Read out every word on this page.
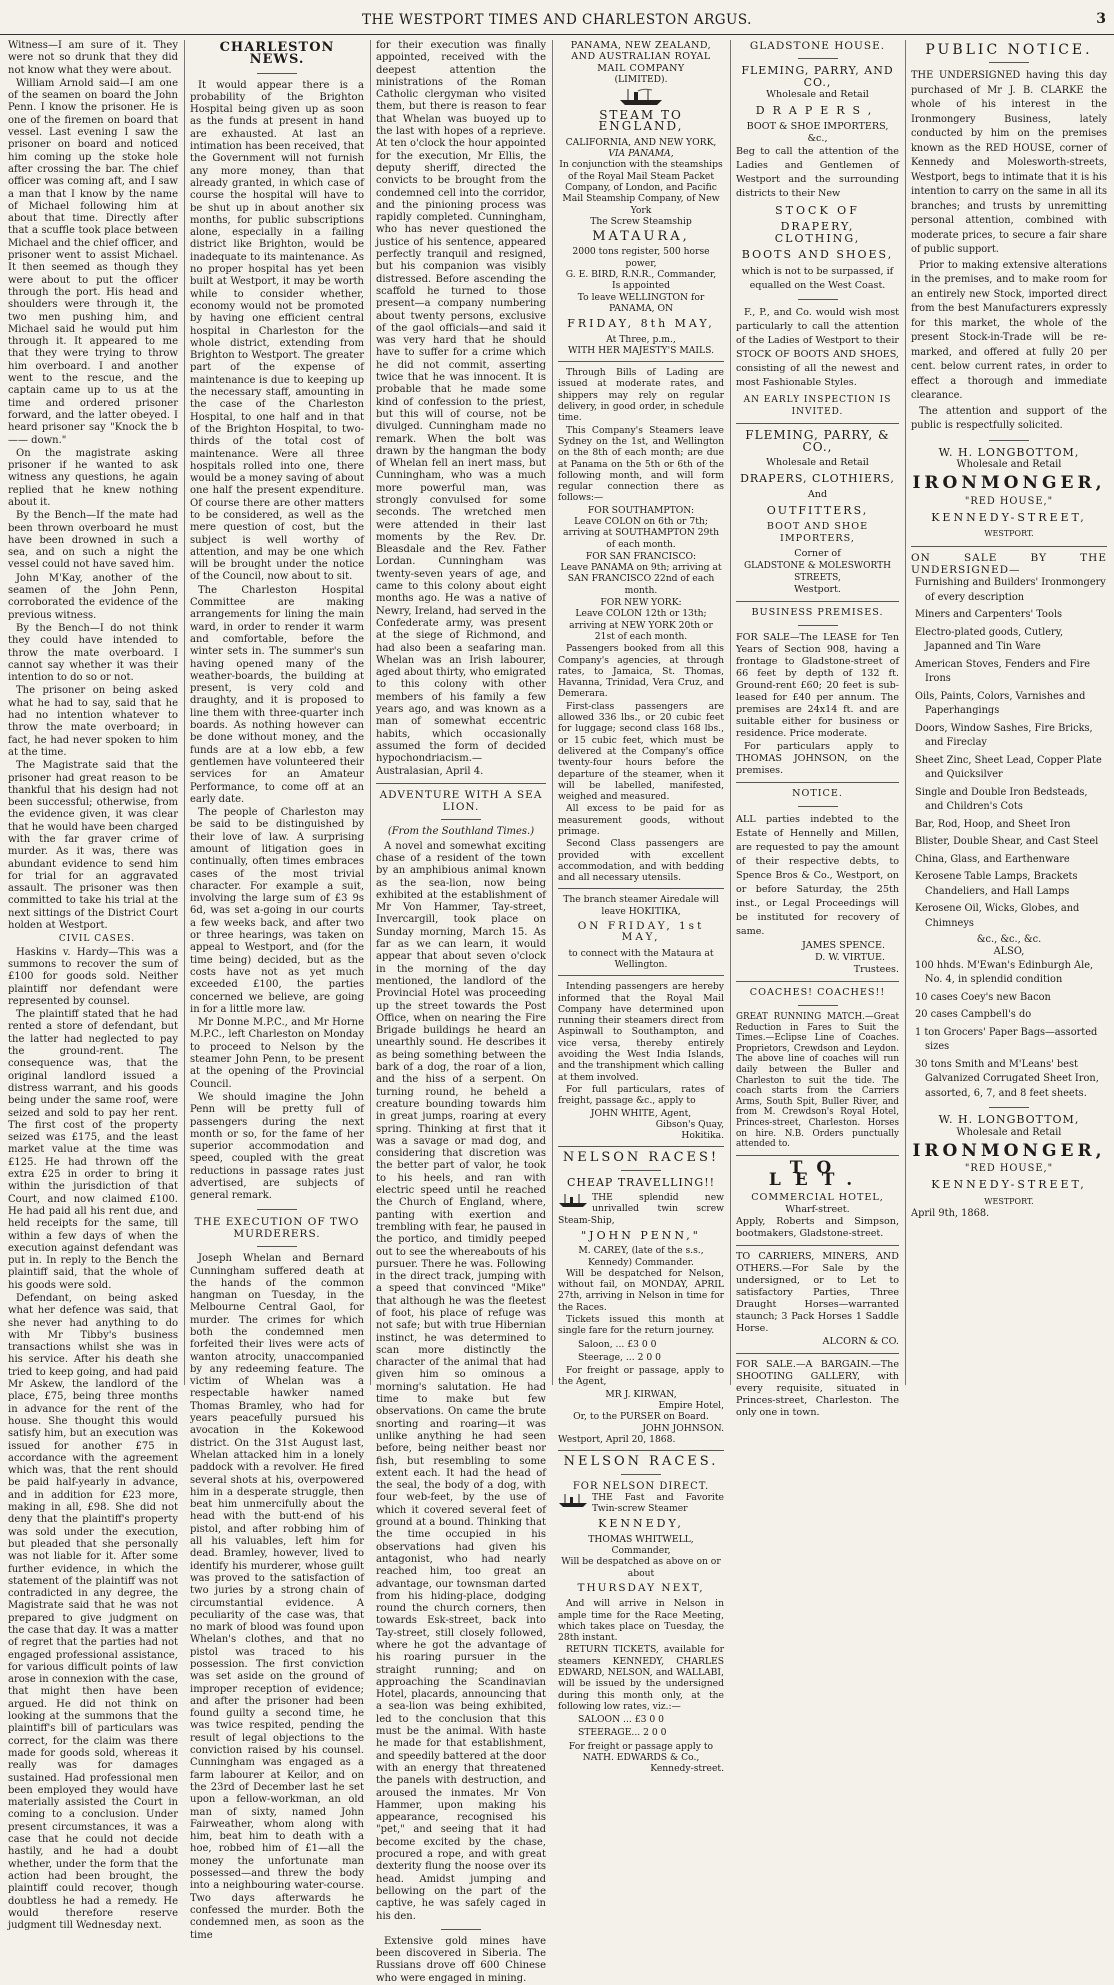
THE WESTPORT TIMES AND CHARLESTON ARGUS.	3

Witness—I am sure of it. They were not so drunk that they did not know what they were about.

William Arnold said—I am one of the seamen on board the John Penn. I know the prisoner. He is one of the firemen on board that vessel. Last evening I saw the prisoner on board and noticed him coming up the stoke hole after crossing the bar. The chief officer was coming aft, and I saw a man that I know by the name of Michael following him at about that time. Directly after that a scuffle took place between Michael and the chief officer, and prisoner went to assist Michael. It then seemed as though they were about to put the officer through the port. His head and shoulders were through it, the two men pushing him, and Michael said he would put him through it. It appeared to me that they were trying to throw him overboard. I and another went to the rescue, and the captain came up to us at the time and ordered prisoner forward, and the latter obeyed. I heard prisoner say "Knock the b—— down."

On the magistrate asking prisoner if he wanted to ask witness any questions, he again replied that he knew nothing about it.

By the Bench—If the mate had been thrown overboard he must have been drowned in such a sea, and on such a night the vessel could not have saved him.

John M'Kay, another of the seamen of the John Penn, corroborated the evidence of the previous witness.

By the Bench—I do not think they could have intended to throw the mate overboard. I cannot say whether it was their intention to do so or not.

The prisoner on being asked what he had to say, said that he had no intention whatever to throw the mate overboard; in fact, he had never spoken to him at the time.

The Magistrate said that the prisoner had great reason to be thankful that his design had not been successful; otherwise, from the evidence given, it was clear that he would have been charged with the far graver crime of murder. As it was, there was abundant evidence to send him for trial for an aggravated assault. The prisoner was then committed to take his trial at the next sittings of the District Court holden at Westport.

CIVIL CASES.

Haskins v. Hardy—This was a summons to recover the sum of £100 for goods sold. Neither plaintiff nor defendant were represented by counsel.

The plaintiff stated that he had rented a store of defendant, but the latter had neglected to pay the ground-rent. The consequence was, that the original landlord issued a distress warrant, and his goods being under the same roof, were seized and sold to pay her rent. The first cost of the property seized was £175, and the least market value at the time was £125. He had thrown off the extra £25 in order to bring it within the jurisdiction of that Court, and now claimed £100. He had paid all his rent due, and held receipts for the same, till within a few days of when the execution against defendant was put in. In reply to the Bench the plaintiff said, that the whole of his goods were sold.

Defendant, on being asked what her defence was said, that she never had anything to do with Mr Tibby's business transactions whilst she was in his service. After his death she tried to keep going, and had paid Mr Askew, the landlord of the place, £75, being three months in advance for the rent of the house. She thought this would satisfy him, but an execution was issued for another £75 in accordance with the agreement which was, that the rent should be paid half-yearly in advance, and in addition for £23 more, making in all, £98. She did not deny that the plaintiff's property was sold under the execution, but pleaded that she personally was not liable for it. After some further evidence, in which the statement of the plaintiff was not contradicted in any degree, the Magistrate said that he was not prepared to give judgment on the case that day. It was a matter of regret that the parties had not engaged professional assistance, for various difficult points of law arose in connexion with the case, that might then have been argued. He did not think on looking at the summons that the plaintiff's bill of particulars was correct, for the claim was there made for goods sold, whereas it really was for damages sustained. Had professional men been employed they would have materially assisted the Court in coming to a conclusion. Under present circumstances, it was a case that he could not decide hastily, and he had a doubt whether, under the form that the action had been brought, the plaintiff could recover, though doubtless he had a remedy. He would therefore reserve judgment till Wednesday next.

CHARLESTON NEWS.

It would appear there is a probability of the Brighton Hospital being given up as soon as the funds at present in hand are exhausted. At last an intimation has been received, that the Government will not furnish any more money, than that already granted, in which case of course the hospital will have to be shut up in about another six months, for public subscriptions alone, especially in a failing district like Brighton, would be inadequate to its maintenance. As no proper hospital has yet been built at Westport, it may be worth while to consider whether, economy would not be promoted by having one efficient central hospital in Charleston for the whole district, extending from Brighton to Westport. The greater part of the expense of maintenance is due to keeping up the necessary staff, amounting in the case of the Charleston Hospital, to one half and in that of the Brighton Hospital, to two-thirds of the total cost of maintenance. Were all three hospitals rolled into one, there would be a money saving of about one half the present expenditure. Of course there are other matters to be considered, as well as the mere question of cost, but the subject is well worthy of attention, and may be one which will be brought under the notice of the Council, now about to sit.

The Charleston Hospital Committee are making arrangements for lining the main ward, in order to render it warm and comfortable, before the winter sets in. The summer's sun having opened many of the weather-boards, the building at present, is very cold and draughty, and it is proposed to line them with three-quarter inch boards. As nothing however can be done without money, and the funds are at a low ebb, a few gentlemen have volunteered their services for an Amateur Performance, to come off at an early date.

The people of Charleston may be said to be distinguished by their love of law. A surprising amount of litigation goes in continually, often times embraces cases of the most trivial character. For example a suit, involving the large sum of £3 9s 6d, was set a-going in our courts a few weeks back, and after two or three hearings, was taken on appeal to Westport, and (for the time being) decided, but as the costs have not as yet much exceeded £100, the parties concerned we believe, are going in for a little more law.

Mr Donne M.P.C., and Mr Horne M.P.C., left Charleston on Monday to proceed to Nelson by the steamer John Penn, to be present at the opening of the Provincial Council.

We should imagine the John Penn will be pretty full of passengers during the next month or so, for the fame of her superior accommodation and speed, coupled with the great reductions in passage rates just advertised, are subjects of general remark.

THE EXECUTION OF TWO MURDERERS.

Joseph Whelan and Bernard Cunningham suffered death at the hands of the common hangman on Tuesday, in the Melbourne Central Gaol, for murder. The crimes for which both the condemned men forfeited their lives were acts of wanton atrocity, unaccompanied by any redeeming feature. The victim of Whelan was a respectable hawker named Thomas Bramley, who had for years peacefully pursued his avocation in the Kokewood district. On the 31st August last, Whelan attacked him in a lonely paddock with a revolver. He fired several shots at his, overpowered him in a desperate struggle, then beat him unmercifully about the head with the butt-end of his pistol, and after robbing him of all his valuables, left him for dead. Bramley, however, lived to identify his murderer, whose guilt was proved to the satisfaction of two juries by a strong chain of circumstantial evidence. A peculiarity of the case was, that no mark of blood was found upon Whelan's clothes, and that no pistol was traced to his possession. The first conviction was set aside on the ground of improper reception of evidence; and after the prisoner had been found guilty a second time, he was twice respited, pending the result of legal objections to the conviction raised by his counsel. Cunningham was engaged as a farm labourer at Keilor, and on the 23rd of December last he set upon a fellow-workman, an old man of sixty, named John Fairweather, whom along with him, beat him to death with a hoe, robbed him of £1—all the money the unfortunate man possessed—and threw the body into a neighbouring water-course. Two days afterwards he confessed the murder. Both the condemned men, as soon as the time

for their execution was finally appointed, received with the deepest attention the ministrations of the Roman Catholic clergyman who visited them, but there is reason to fear that Whelan was buoyed up to the last with hopes of a reprieve. At ten o'clock the hour appointed for the execution, Mr Ellis, the deputy sheriff, directed the convicts to be brought from the condemned cell into the corridor, and the pinioning process was rapidly completed. Cunningham, who has never questioned the justice of his sentence, appeared perfectly tranquil and resigned, but his companion was visibly distressed. Before ascending the scaffold he turned to those present—a company numbering about twenty persons, exclusive of the gaol officials—and said it was very hard that he should have to suffer for a crime which he did not commit, asserting twice that he was innocent. It is probable that he made some kind of confession to the priest, but this will of course, not be divulged. Cunningham made no remark. When the bolt was drawn by the hangman the body of Whelan fell an inert mass, but Cunningham, who was a much more powerful man, was strongly convulsed for some seconds. The wretched men were attended in their last moments by the Rev. Dr. Bleasdale and the Rev. Father Lordan. Cunningham was twenty-seven years of age, and came to this colony about eight months ago. He was a native of Newry, Ireland, had served in the Confederate army, was present at the siege of Richmond, and had also been a seafaring man. Whelan was an Irish labourer, aged about thirty, who emigrated to this colony with other members of his family a few years ago, and was known as a man of somewhat eccentric habits, which occasionally assumed the form of decided hypochondriacism.—Australasian, April 4.

ADVENTURE WITH A SEA LION.
(From the Southland Times.)

A novel and somewhat exciting chase of a resident of the town by an amphibious animal known as the sea-lion, now being exhibited at the establishment of Mr Von Hammer, Tay-street, Invercargill, took place on Sunday morning, March 15. As far as we can learn, it would appear that about seven o'clock in the morning of the day mentioned, the landlord of the Provincial Hotel was proceeding up the street towards the Post Office, when on nearing the Fire Brigade buildings he heard an unearthly sound. He describes it as being something between the bark of a dog, the roar of a lion, and the hiss of a serpent. On turning round, he beheld a creature bounding towards him in great jumps, roaring at every spring. Thinking at first that it was a savage or mad dog, and considering that discretion was the better part of valor, he took to his heels, and ran with electric speed until he reached the Church of England, where, panting with exertion and trembling with fear, he paused in the portico, and timidly peeped out to see the whereabouts of his pursuer. There he was. Following in the direct track, jumping with a speed that convinced "Mike" that although he was the fleetest of foot, his place of refuge was not safe; but with true Hibernian instinct, he was determined to scan more distinctly the character of the animal that had given him so ominous a morning's salutation. He had time to make but few observations. On came the brute snorting and roaring—it was unlike anything he had seen before, being neither beast nor fish, but resembling to some extent each. It had the head of the seal, the body of a dog, with four web-feet, by the use of which it covered several feet of ground at a bound. Thinking that the time occupied in his observations had given his antagonist, who had nearly reached him, too great an advantage, our townsman darted from his hiding-place, dodging round the church corners, then towards Esk-street, back into Tay-street, still closely followed, where he got the advantage of his roaring pursuer in the straight running; and on approaching the Scandinavian Hotel, placards, announcing that a sea-lion was being exhibited, led to the conclusion that this must be the animal. With haste he made for that establishment, and speedily battered at the door with an energy that threatened the panels with destruction, and aroused the inmates. Mr Von Hammer, upon making his appearance, recognised his "pet," and seeing that it had become excited by the chase, procured a rope, and with great dexterity flung the noose over its head. Amidst jumping and bellowing on the part of the captive, he was safely caged in his den.

Extensive gold mines have been discovered in Siberia. The Russians drove off 600 Chinese who were engaged in mining.

PANAMA, NEW ZEALAND, AND AUSTRALIAN ROYAL MAIL COMPANY
(LIMITED).
STEAM TO ENGLAND,
CALIFORNIA, AND NEW YORK,
VIA PANAMA,
In conjunction with the steamships of the Royal Mail Steam Packet Company, of London, and Pacific Mail Steamship Company, of New York
The Screw Steamship
MATAURA,
2000 tons register, 500 horse power,
G. E. BIRD, R.N.R., Commander,
Is appointed
To leave WELLINGTON for PANAMA, ON
FRIDAY, 8th MAY,
At Three, p.m.,
WITH HER MAJESTY'S MAILS.

Through Bills of Lading are issued at moderate rates, and shippers may rely on regular delivery, in good order, in schedule time.

This Company's Steamers leave Sydney on the 1st, and Wellington on the 8th of each month; are due at Panama on the 5th or 6th of the following month, and will form regular connection there as follows:—

FOR SOUTHAMPTON:

Leave COLON on 6th or 7th; arriving at SOUTHAMPTON 29th of each month.

FOR SAN FRANCISCO:

Leave PANAMA on 9th; arriving at SAN FRANCISCO 22nd of each month.

FOR NEW YORK:

Leave COLON 12th or 13th; arriving at NEW YORK 20th or 21st of each month.

Passengers booked from all this Company's agencies, at through rates, to Jamaica, St. Thomas, Havanna, Trinidad, Vera Cruz, and Demerara.

First-class passengers are allowed 336 lbs., or 20 cubic feet for luggage; second class 168 lbs., or 15 cubic feet, which must be delivered at the Company's office twenty-four hours before the departure of the steamer, when it will be labelled, manifested, weighed and measured.

All excess to be paid for as measurement goods, without primage.

Second Class passengers are provided with excellent accommodation, and with bedding and all necessary utensils.

The branch steamer Airedale will leave HOKITIKA,
ON FRIDAY, 1st MAY,
to connect with the Mataura at Wellington.

Intending passengers are hereby informed that the Royal Mail Company have determined upon running their steamers direct from Aspinwall to Southampton, and vice versa, thereby entirely avoiding the West India Islands, and the transhipment which calling at them involved.

For full particulars, rates of freight, passage &c., apply to

JOHN WHITE, Agent,
Gibson's Quay,
Hokitika.
NELSON RACES!
CHEAP TRAVELLING!!

THE splendid new unrivalled twin screw Steam-Ship,

"JOHN PENN,"
M. CAREY, (late of the s.s., Kennedy) Commander.

Will be despatched for Nelson, without fail, on MONDAY, APRIL 27th, arriving in Nelson in time for the Races.

Tickets issued this month at single fare for the return journey.

Saloon, ... £3 0 0
Steerage, ... 2 0 0

For freight or passage, apply to the Agent,

MR J. KIRWAN,
Empire Hotel,
Or, to the PURSER on Board.
JOHN JOHNSON.
Westport, April 20, 1868.
NELSON RACES.
FOR NELSON DIRECT.

THE Fast and Favorite Twin-screw Steamer

KENNEDY,
THOMAS WHITWELL, Commander,
Will be despatched as above on or about
THURSDAY NEXT,

And will arrive in Nelson in ample time for the Race Meeting, which takes place on Tuesday, the 28th instant.

RETURN TICKETS, available for steamers KENNEDY, CHARLES EDWARD, NELSON, and WALLABI, will be issued by the undersigned during this month only, at the following low rates, viz.:—

SALOON ... £3 0 0
STEERAGE... 2 0 0
For freight or passage apply to
NATH. EDWARDS & Co.,
Kennedy-street.
GLADSTONE HOUSE.
FLEMING, PARRY, AND CO.,
Wholesale and Retail
DRAPERS,
BOOT & SHOE IMPORTERS, &c.,

Beg to call the attention of the Ladies and Gentlemen of Westport and the surrounding districts to their New

STOCK OF
DRAPERY, CLOTHING,
BOOTS AND SHOES,

which is not to be surpassed, if equalled on the West Coast.

F., P., and Co. would wish most particularly to call the attention of the Ladies of Westport to their STOCK OF BOOTS AND SHOES, consisting of all the newest and most Fashionable Styles.

AN EARLY INSPECTION IS INVITED.
FLEMING, PARRY, & CO.,
Wholesale and Retail
DRAPERS, CLOTHIERS,
And
OUTFITTERS,
BOOT AND SHOE IMPORTERS,
Corner of
GLADSTONE & MOLESWORTH STREETS,
Westport.
BUSINESS PREMISES.

FOR SALE—The LEASE for Ten Years of Section 908, having a frontage to Gladstone-street of 66 feet by depth of 132 ft. Ground-rent £60; 20 feet is sub-leased for £40 per annum. The premises are 24x14 ft. and are suitable either for business or residence. Price moderate.

For particulars apply to THOMAS JOHNSON, on the premises.

NOTICE.

ALL parties indebted to the Estate of Hennelly and Millen, are requested to pay the amount of their respective debts, to Spence Bros & Co., Westport, on or before Saturday, the 25th inst., or Legal Proceedings will be instituted for recovery of same.

JAMES SPENCE.
D. W. VIRTUE.
Trustees.
COACHES! COACHES!!

GREAT RUNNING MATCH.—Great Reduction in Fares to Suit the Times.—Eclipse Line of Coaches. Proprietors, Crewdson and Leydon. The above line of coaches will run daily between the Buller and Charleston to suit the tide. The coach starts from the Carriers Arms, South Spit, Buller River, and from M. Crewdson's Royal Hotel, Princes-street, Charleston. Horses on hire. N.B. Orders punctually attended to.

TO LET.
COMMERCIAL HOTEL,
Wharf-street.

Apply, Roberts and Simpson, bootmakers, Gladstone-street.

TO CARRIERS, MINERS, AND OTHERS.—For Sale by the undersigned, or to Let to satisfactory Parties, Three Draught Horses—warranted staunch; 3 Pack Horses 1 Saddle Horse.

ALCORN & CO.

FOR SALE.—A BARGAIN.—The SHOOTING GALLERY, with every requisite, situated in Princes-street, Charleston. The only one in town.

PUBLIC NOTICE.

THE UNDERSIGNED having this day purchased of Mr J. B. CLARKE the whole of his interest in the Ironmongery Business, lately conducted by him on the premises known as the RED HOUSE, corner of Kennedy and Molesworth-streets, Westport, begs to intimate that it is his intention to carry on the same in all its branches; and trusts by unremitting personal attention, combined with moderate prices, to secure a fair share of public support.

Prior to making extensive alterations in the premises, and to make room for an entirely new Stock, imported direct from the best Manufacturers expressly for this market, the whole of the present Stock-in-Trade will be re-marked, and offered at fully 20 per cent. below current rates, in order to effect a thorough and immediate clearance.

The attention and support of the public is respectfully solicited.

W. H. LONGBOTTOM,
Wholesale and Retail
IRONMONGER,
"RED HOUSE,"
KENNEDY-STREET,
WESTPORT.
ON SALE BY THE UNDERSIGNED—

Furnishing and Builders' Ironmongery of every description

Miners and Carpenters' Tools

Electro-plated goods, Cutlery, Japanned and Tin Ware

American Stoves, Fenders and Fire Irons

Oils, Paints, Colors, Varnishes and Paperhangings

Doors, Window Sashes, Fire Bricks, and Fireclay

Sheet Zinc, Sheet Lead, Copper Plate and Quicksilver

Single and Double Iron Bedsteads, and Children's Cots

Bar, Rod, Hoop, and Sheet Iron

Blister, Double Shear, and Cast Steel

China, Glass, and Earthenware

Kerosene Table Lamps, Brackets Chandeliers, and Hall Lamps

Kerosene Oil, Wicks, Globes, and Chimneys

&c., &c., &c.
ALSO,

100 hhds. M'Ewan's Edinburgh Ale, No. 4, in splendid condition

10 cases Coey's new Bacon

20 cases Campbell's do

1 ton Grocers' Paper Bags—assorted sizes

30 tons Smith and M'Leans' best Galvanized Corrugated Sheet Iron, assorted, 6, 7, and 8 feet sheets.

W. H. LONGBOTTOM,
Wholesale and Retail
IRONMONGER,
"RED HOUSE,"
KENNEDY-STREET,
WESTPORT.
April 9th, 1868.
